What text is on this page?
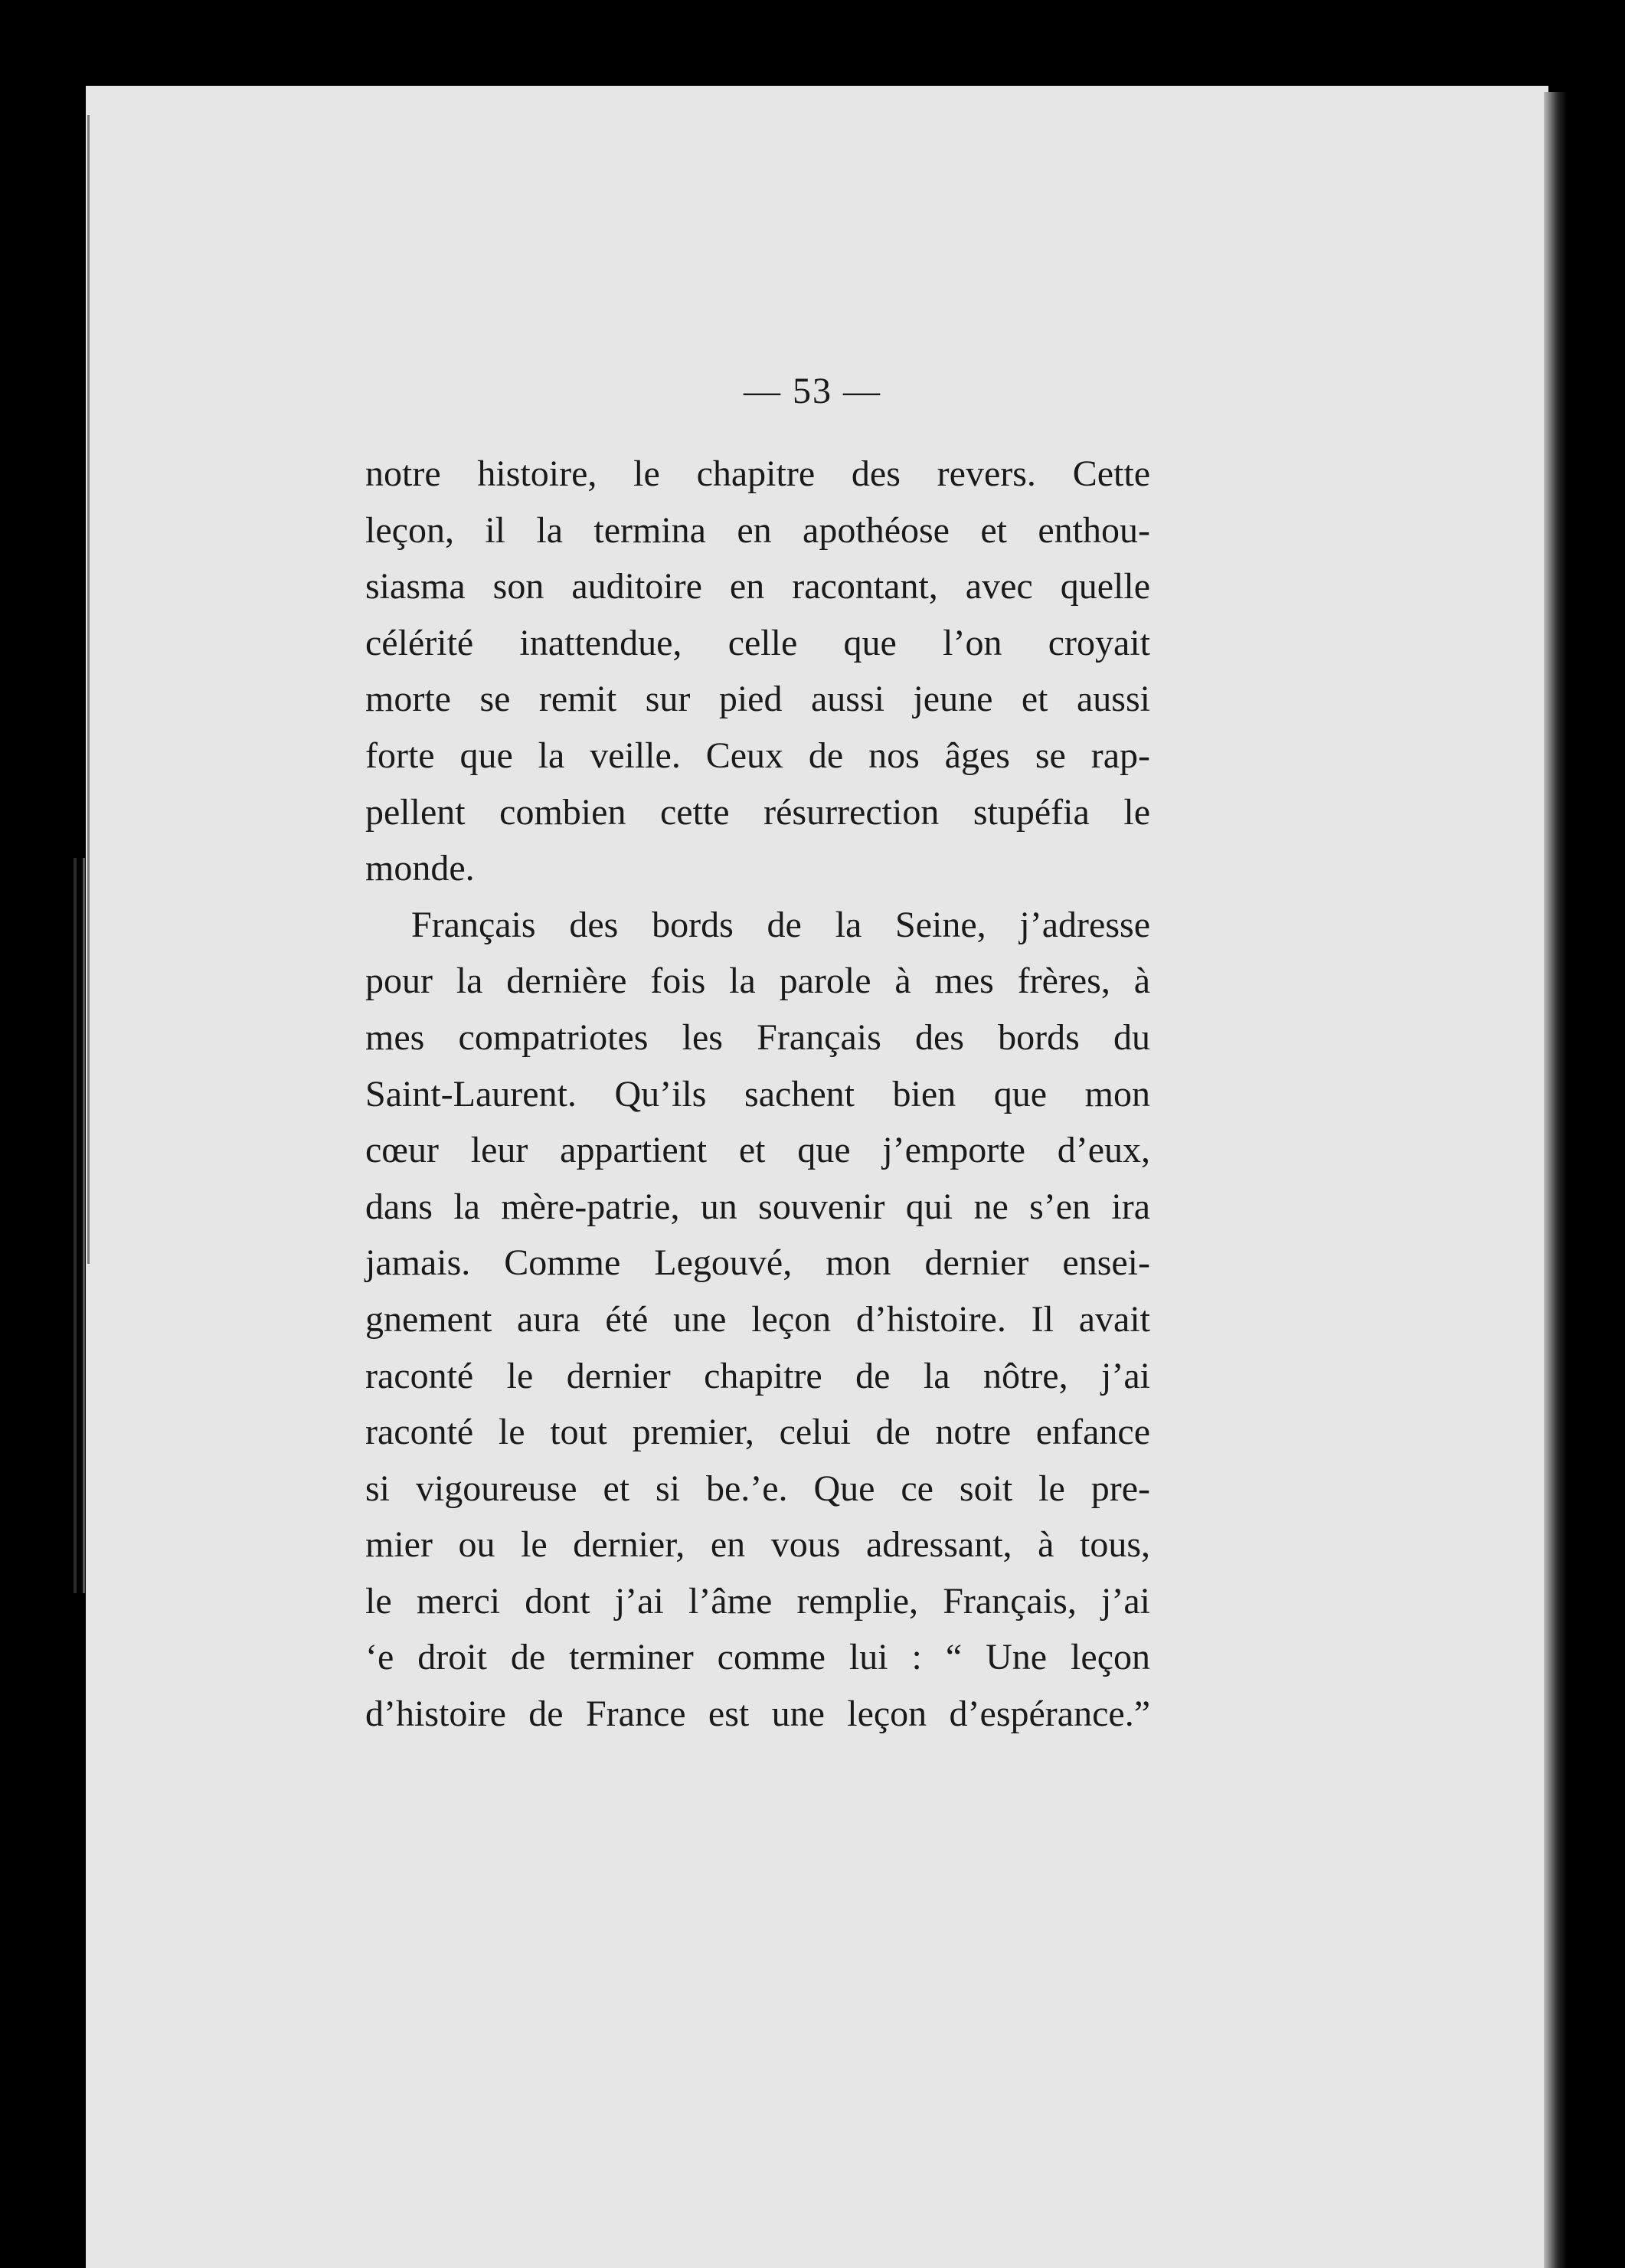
— 53 —
notre histoire, le chapitre des revers. Cette
leçon, il la termina en apothéose et enthou-
siasma son auditoire en racontant, avec quelle
célérité inattendue, celle que l’on croyait
morte se remit sur pied aussi jeune et aussi
forte que la veille. Ceux de nos âges se rap-
pellent combien cette résurrection stupéfia le
monde.
Français des bords de la Seine, j’adresse
pour la dernière fois la parole à mes frères, à
mes compatriotes les Français des bords du
Saint-Laurent. Qu’ils sachent bien que mon
cœur leur appartient et que j’emporte d’eux,
dans la mère-patrie, un souvenir qui ne s’en ira
jamais. Comme Legouvé, mon dernier ensei-
gnement aura été une leçon d’histoire. Il avait
raconté le dernier chapitre de la nôtre, j’ai
raconté le tout premier, celui de notre enfance
si vigoureuse et si be.’e. Que ce soit le pre-
mier ou le dernier, en vous adressant, à tous,
le merci dont j’ai l’âme remplie, Français, j’ai
‘e droit de terminer comme lui : “ Une leçon
d’histoire de France est une leçon d’espérance.”
